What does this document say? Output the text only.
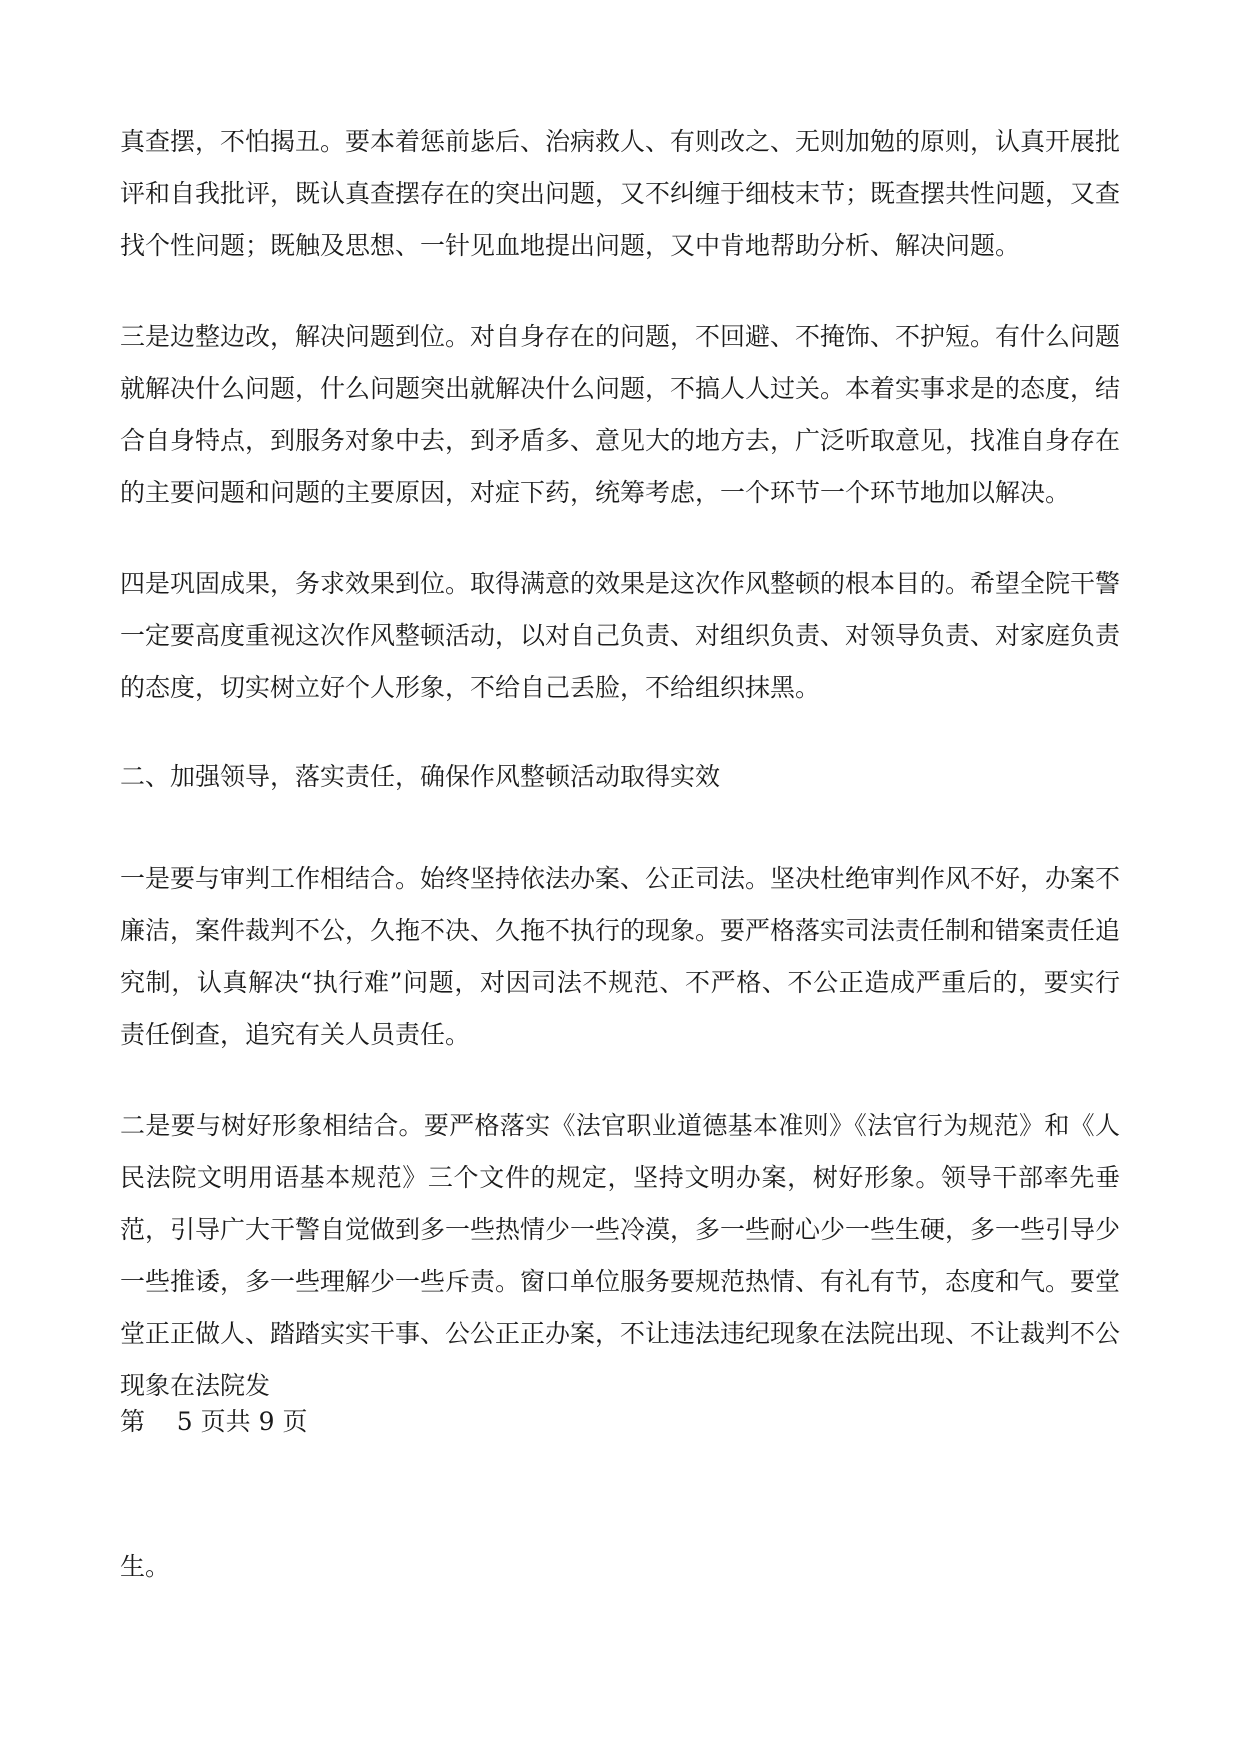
真查摆，不怕揭丑。要本着惩前毖后、治病救人、有则改之、无则加勉的原则，认真开展批评和自我批评，既认真查摆存在的突出问题，又不纠缠于细枝末节；既查摆共性问题，又查找个性问题；既触及思想、一针见血地提出问题，又中肯地帮助分析、解决问题。

三是边整边改，解决问题到位。对自身存在的问题，不回避、不掩饰、不护短。有什么问题就解决什么问题，什么问题突出就解决什么问题，不搞人人过关。本着实事求是的态度，结合自身特点，到服务对象中去，到矛盾多、意见大的地方去，广泛听取意见，找准自身存在的主要问题和问题的主要原因，对症下药，统筹考虑，一个环节一个环节地加以解决。

四是巩固成果，务求效果到位。取得满意的效果是这次作风整顿的根本目的。希望全院干警一定要高度重视这次作风整顿活动，以对自己负责、对组织负责、对领导负责、对家庭负责的态度，切实树立好个人形象，不给自己丢脸，不给组织抹黑。

二、加强领导，落实责任，确保作风整顿活动取得实效

一是要与审判工作相结合。始终坚持依法办案、公正司法。坚决杜绝审判作风不好，办案不廉洁，案件裁判不公，久拖不决、久拖不执行的现象。要严格落实司法责任制和错案责任追究制，认真解决“执行难”问题，对因司法不规范、不严格、不公正造成严重后的，要实行责任倒查，追究有关人员责任。

二是要与树好形象相结合。要严格落实《法官职业道德基本准则》《法官行为规范》和《人民法院文明用语基本规范》三个文件的规定，坚持文明办案，树好形象。领导干部率先垂范，引导广大干警自觉做到多一些热情少一些冷漠，多一些耐心少一些生硬，多一些引导少一些推诿，多一些理解少一些斥责。窗口单位服务要规范热情、有礼有节，态度和气。要堂堂正正做人、踏踏实实干事、公公正正办案，不让违法违纪现象在法院出现、不让裁判不公现象在法院发

第    5 页共 9 页

生。
